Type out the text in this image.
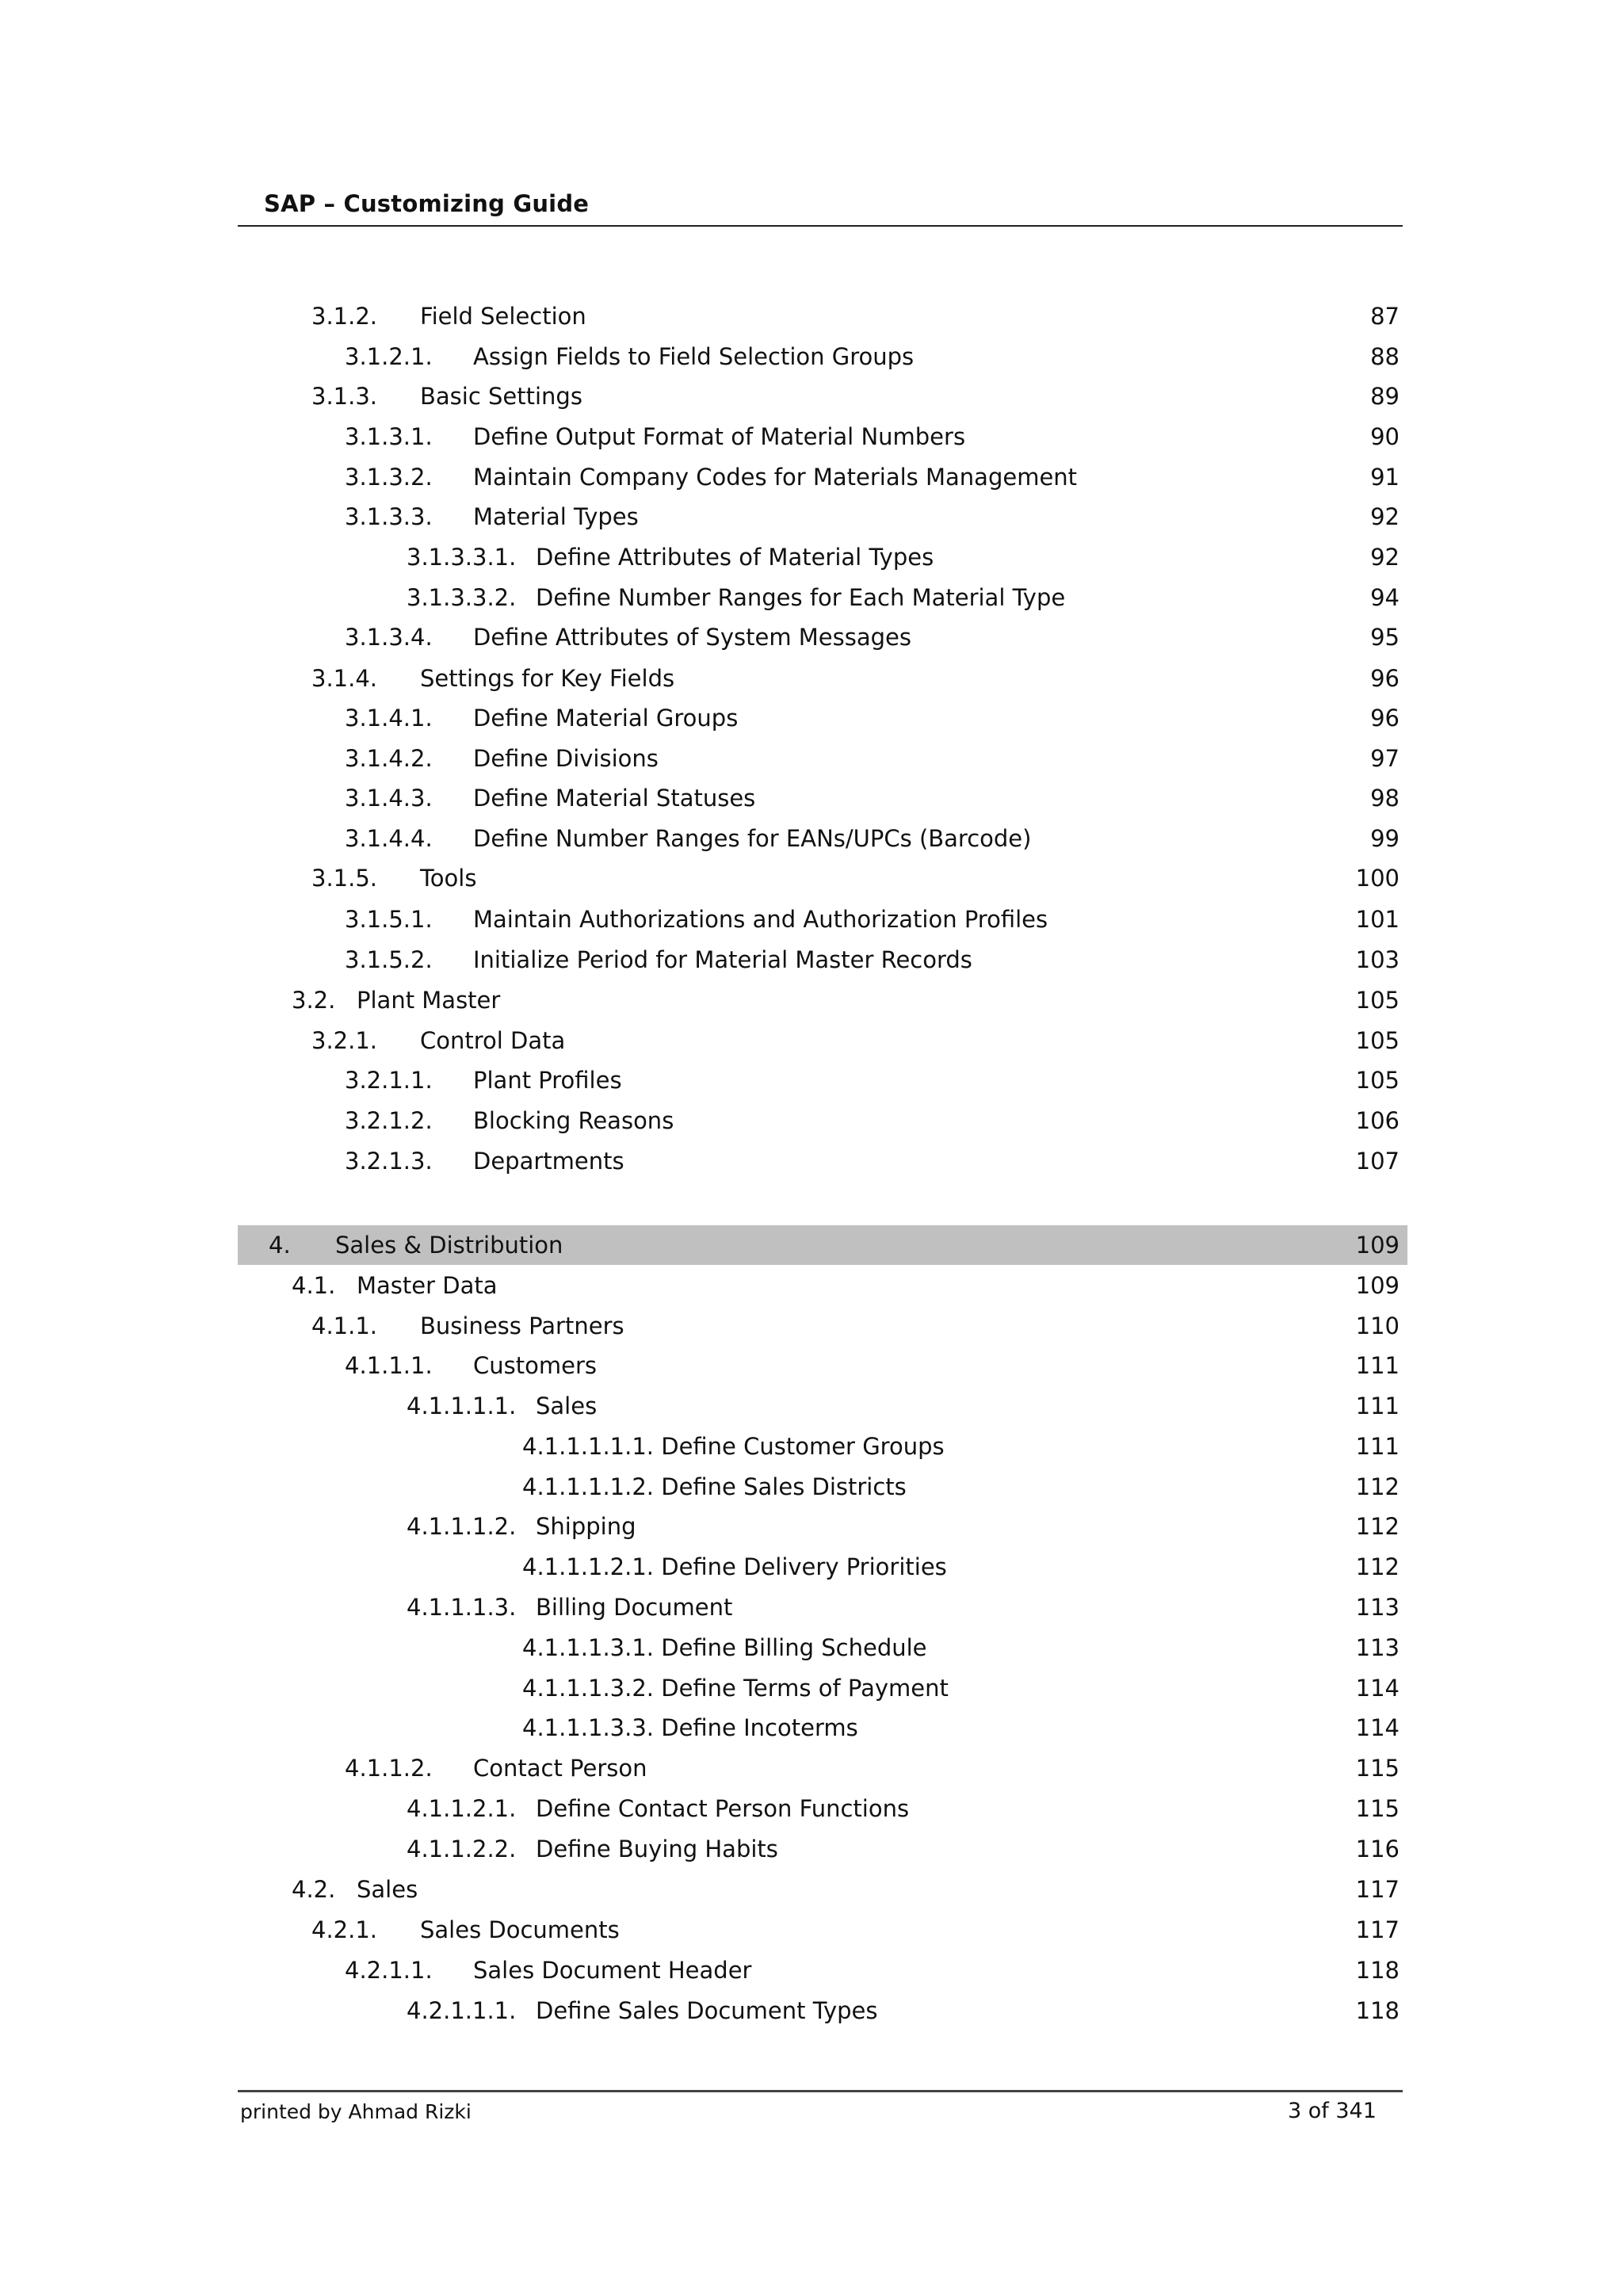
SAP – Customizing Guide
3.1.2. Field Selection	87
3.1.2.1. Assign Fields to Field Selection Groups	88
3.1.3. Basic Settings	89
3.1.3.1. Define Output Format of Material Numbers	90
3.1.3.2. Maintain Company Codes for Materials Management	91
3.1.3.3. Material Types	92
3.1.3.3.1. Define Attributes of Material Types	92
3.1.3.3.2. Define Number Ranges for Each Material Type	94
3.1.3.4. Define Attributes of System Messages	95
3.1.4. Settings for Key Fields	96
3.1.4.1. Define Material Groups	96
3.1.4.2. Define Divisions	97
3.1.4.3. Define Material Statuses	98
3.1.4.4. Define Number Ranges for EANs/UPCs (Barcode)	99
3.1.5. Tools	100
3.1.5.1. Maintain Authorizations and Authorization Profiles	101
3.1.5.2. Initialize Period for Material Master Records	103
3.2. Plant Master	105
3.2.1. Control Data	105
3.2.1.1. Plant Profiles	105
3.2.1.2. Blocking Reasons	106
3.2.1.3. Departments	107
4. Sales & Distribution	109
4.1. Master Data	109
4.1.1. Business Partners	110
4.1.1.1. Customers	111
4.1.1.1.1. Sales	111
4.1.1.1.1.1. Define Customer Groups	111
4.1.1.1.1.2. Define Sales Districts	112
4.1.1.1.2. Shipping	112
4.1.1.1.2.1. Define Delivery Priorities	112
4.1.1.1.3. Billing Document	113
4.1.1.1.3.1. Define Billing Schedule	113
4.1.1.1.3.2. Define Terms of Payment	114
4.1.1.1.3.3. Define Incoterms	114
4.1.1.2. Contact Person	115
4.1.1.2.1. Define Contact Person Functions	115
4.1.1.2.2. Define Buying Habits	116
4.2. Sales	117
4.2.1. Sales Documents	117
4.2.1.1. Sales Document Header	118
4.2.1.1.1. Define Sales Document Types	118
printed by Ahmad Rizki	3 of 341
